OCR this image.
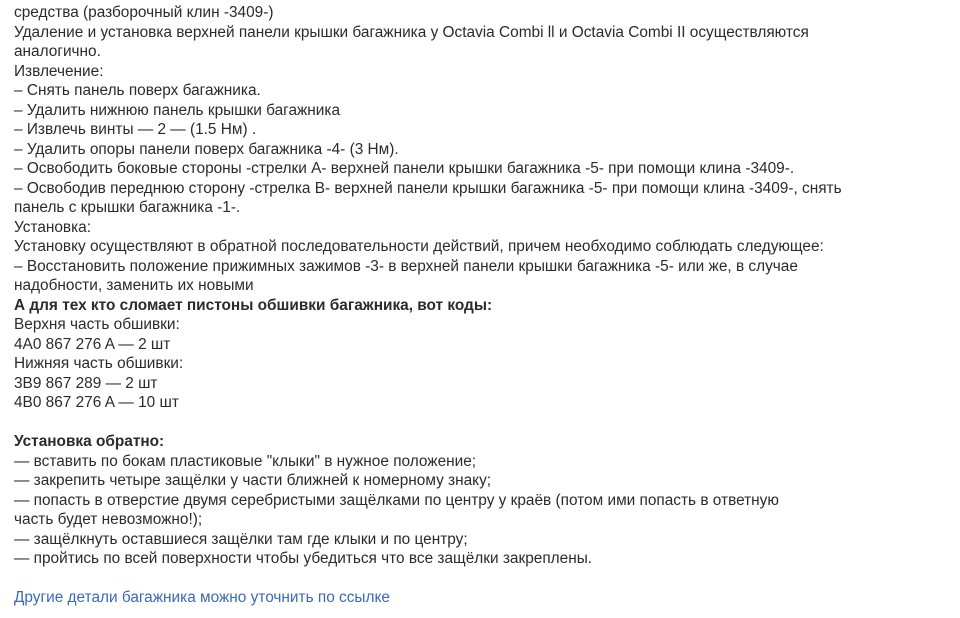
средства (разборочный клин -3409-)
Удаление и установка верхней панели крышки багажника у Octavia Combi ll и Octavia Combi II осуществляются
аналогично.
Извлечение:
– Снять панель поверх багажника.
– Удалить нижнюю панель крышки багажника
– Извлечь винты — 2 — (1.5 Нм) .
– Удалить опоры панели поверх багажника -4- (3 Нм).
– Освободить боковые стороны -стрелки А- верхней панели крышки багажника -5- при помощи клина -3409-.
– Освободив переднюю сторону -стрелка В- верхней панели крышки багажника -5- при помощи клина -3409-, снять
панель с крышки багажника -1-.
Установка:
Установку осуществляют в обратной последовательности действий, причем необходимо соблюдать следующее:
– Восстановить положение прижимных зажимов -3- в верхней панели крышки багажника -5- или же, в случае
надобности, заменить их новыми
А для тех кто сломает пистоны обшивки багажника, вот коды:
Верхня часть обшивки:
4A0 867 276 A — 2 шт
Нижняя часть обшивки:
3B9 867 289 — 2 шт
4B0 867 276 A — 10 шт
Установка обратно:
— вставить по бокам пластиковые "клыки" в нужное положение;
— закрепить четыре защёлки у части ближней к номерному знаку;
— попасть в отверстие двумя серебристыми защёлками по центру у краёв (потом ими попасть в ответную
часть будет невозможно!);
— защёлкнуть оставшиеся защёлки там где клыки и по центру;
— пройтись по всей поверхности чтобы убедиться что все защёлки закреплены.
Другие детали багажника можно уточнить по ссылке
